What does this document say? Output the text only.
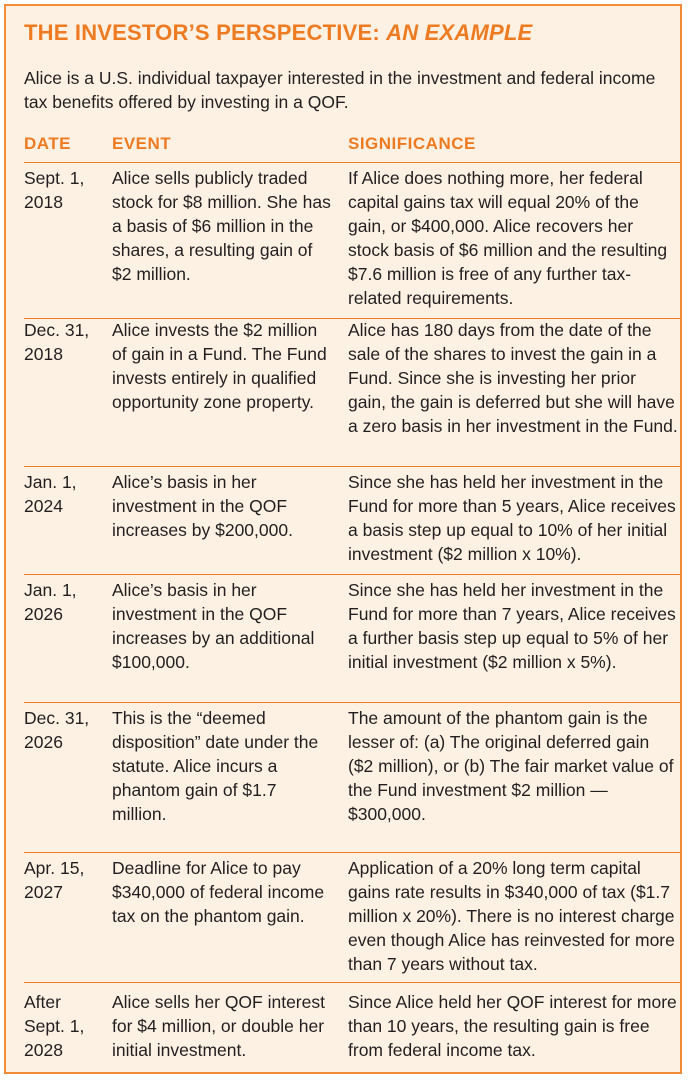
THE INVESTOR’S PERSPECTIVE: AN EXAMPLE
Alice is a U.S. individual taxpayer interested in the investment and federal income tax benefits offered by investing in a QOF.
DATE EVENT	SIGNIFICANCE
Sept. 1, 2018
Alice sells publicly traded stock for $8 million. She has a basis of $6 million in the shares, a resulting gain of $2 million.
If Alice does nothing more, her federal capital gains tax will equal 20% of the gain, or $400,000. Alice recovers her stock basis of $6 million and the resulting $7.6 million is free of any further tax-related requirements.
Dec. 31, 2018
Alice invests the $2 million of gain in a Fund. The Fund invests entirely in qualified opportunity zone property.
Alice has 180 days from the date of the sale of the shares to invest the gain in a Fund. Since she is investing her prior gain, the gain is deferred but she will have a zero basis in her investment in the Fund.
Jan. 1, 2024
Alice’s basis in her investment in the QOF increases by $200,000.
Since she has held her investment in the Fund for more than 5 years, Alice receives a basis step up equal to 10% of her initial investment ($2 million x 10%).
Jan. 1, 2026
Alice’s basis in her investment in the QOF increases by an additional $100,000.
Since she has held her investment in the Fund for more than 7 years, Alice receives a further basis step up equal to 5% of her initial investment ($2 million x 5%).
Dec. 31, 2026
This is the “deemed disposition” date under the statute. Alice incurs a phantom gain of $1.7 million.
The amount of the phantom gain is the lesser of: (a) The original deferred gain ($2 million), or (b) The fair market value of the Fund investment $2 million — $300,000.
Apr. 15, 2027
Deadline for Alice to pay $340,000 of federal income tax on the phantom gain.
Application of a 20% long term capital gains rate results in $340,000 of tax ($1.7 million x 20%). There is no interest charge even though Alice has reinvested for more than 7 years without tax.
After Sept. 1, 2028
Alice sells her QOF interest for $4 million, or double her initial investment.
Since Alice held her QOF interest for more than 10 years, the resulting gain is free from federal income tax.
